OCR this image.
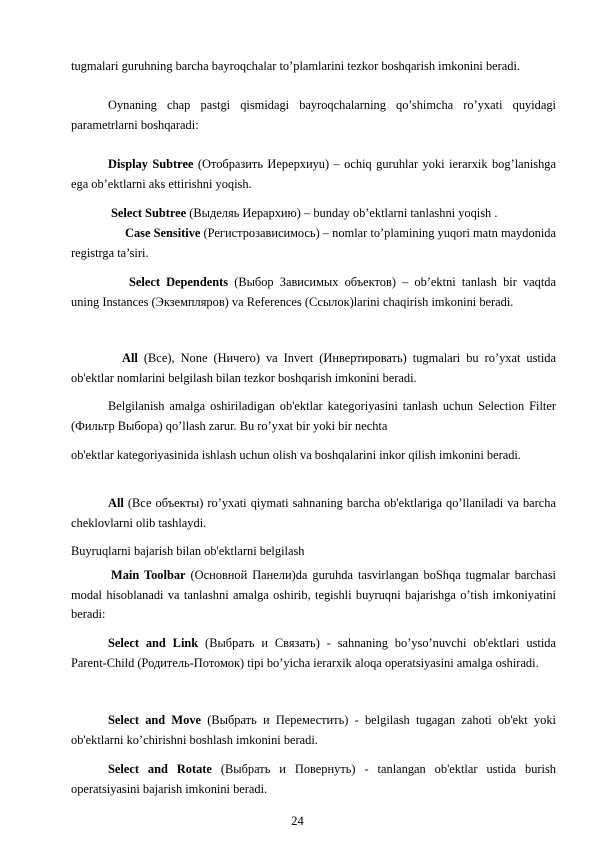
tugmalari guruhning barcha bayroqchalar to’plamlarini tezkor boshqarish imkonini beradi.

Oynaning chap pastgi qismidagi bayroqchalarning qo’shimcha ro’yxati quyidagi parametrlarni boshqaradi:

Display Subtree (Отобразить Иерерхиyu) – ochiq guruhlar yoki ierarxik bog’lanishga ega ob’ektlarni aks ettirishni yoqish.

Select Subtree (Выделяь Иерархию) – bunday ob’ektlarni tanlashni yoqish .

Case Sensitive (Регистрозависимось) – nomlar to’plamining yuqori matn maydonida registrga ta’siri.

Select Dependents (Выбор Зависимых объектов) – ob’ektni tanlash bir vaqtda uning Instances (Экземпляров) va References (Ссылок)larini chaqirish imkonini beradi.

All (Все), None (Ничего) va Invert (Инвертировать) tugmalari bu ro’yxat ustida ob'ektlar nomlarini belgilash bilan tezkor boshqarish imkonini beradi.

Belgilanish amalga oshiriladigan ob'ektlar kategoriyasini tanlash uchun Selection Filter (Фильтр Выбора) qo’llash zarur. Bu ro’yxat bir yoki bir nechta

ob'ektlar kategoriyasinida ishlash uchun olish va boshqalarini inkor qilish imkonini beradi.

All (Все объекты) ro’yxati qiymati sahnaning barcha ob'ektlariga qo’llaniladi va barcha cheklovlarni olib tashlaydi.

Buyruqlarni bajarish bilan ob'ektlarni belgilash

Main Toolbar (Основной Панели)da guruhda tasvirlangan boShqa tugmalar barchasi modal hisoblanadi va tanlashni amalga oshirib, tegishli buyruqni bajarishga o’tish imkoniyatini beradi:

Select and Link (Выбрать и Связать) - sahnaning bo’yso’nuvchi ob'ektlari ustida Parent-Child (Родитель-Потомок) tipi bo’yicha ierarxik aloqa operatsiyasini amalga oshiradi.

Select and Move (Выбрать и Переместить) - belgilash tugagan zahoti ob'ekt yoki ob'ektlarni ko’chirishni boshlash imkonini beradi.

Select and Rotate (Выбрать и Повернуть) - tanlangan ob'ektlar ustida burish operatsiyasini bajarish imkonini beradi.

24
